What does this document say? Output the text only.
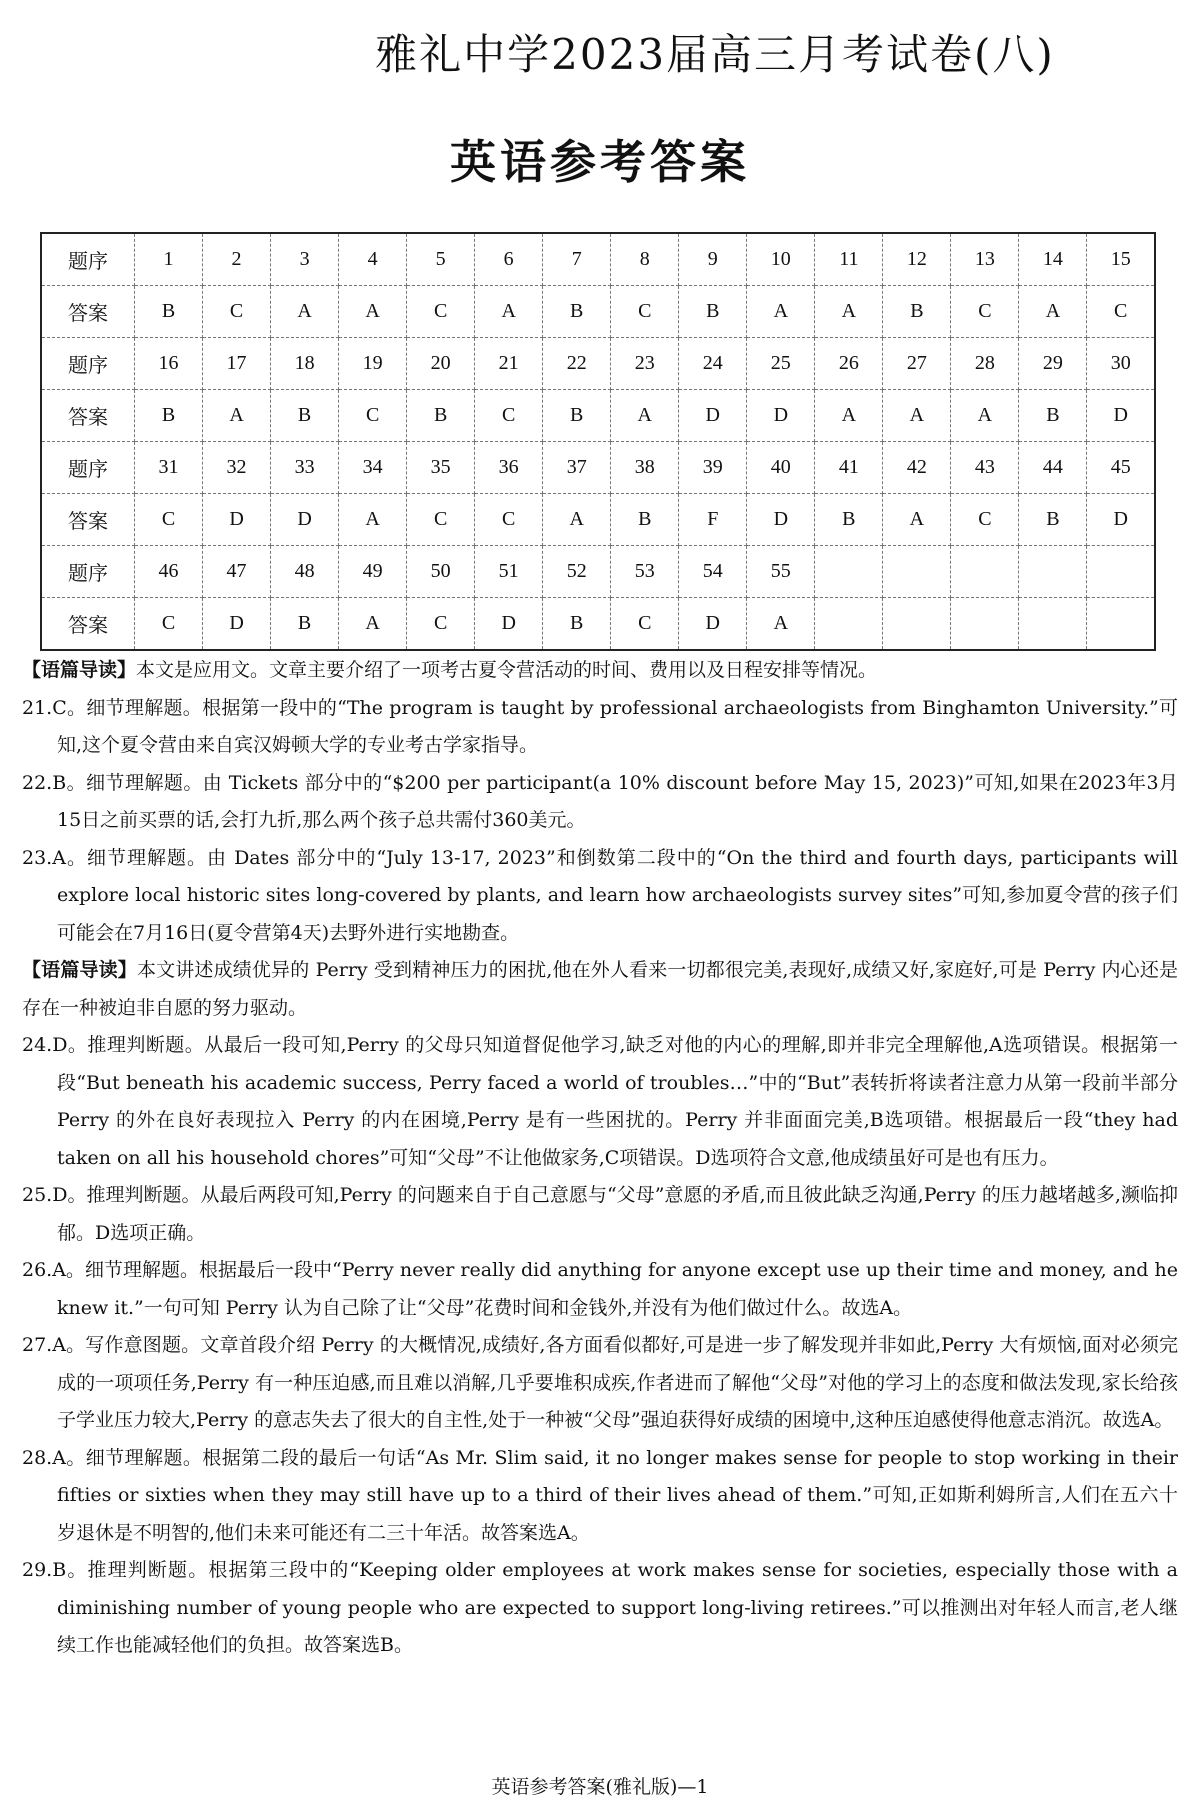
雅礼中学2023届高三月考试卷(八)
英语参考答案
题序	1	2	3	4	5	6	7	8	9	10	11	12	13	14	15
答案	B	C	A	A	C	A	B	C	B	A	A	B	C	A	C
题序	16	17	18	19	20	21	22	23	24	25	26	27	28	29	30
答案	B	A	B	C	B	C	B	A	D	D	A	A	A	B	D
题序	31	32	33	34	35	36	37	38	39	40	41	42	43	44	45
答案	C	D	D	A	C	C	A	B	F	D	B	A	C	B	D
题序	46	47	48	49	50	51	52	53	54	55					
答案	C	D	B	A	C	D	B	C	D	A					

【语篇导读】本文是应用文。文章主要介绍了一项考古夏令营活动的时间、费用以及日程安排等情况。

21.C。细节理解题。根据第一段中的“The program is taught by professional archaeologists from Binghamton University.”可知,这个夏令营由来自宾汉姆顿大学的专业考古学家指导。

22.B。细节理解题。由 Tickets 部分中的“$200 per participant(a 10% discount before May 15, 2023)”可知,如果在2023年3月15日之前买票的话,会打九折,那么两个孩子总共需付360美元。

23.A。细节理解题。由 Dates 部分中的“July 13-17, 2023”和倒数第二段中的“On the third and fourth days, participants will explore local historic sites long-covered by plants, and learn how archaeologists survey sites”可知,参加夏令营的孩子们可能会在7月16日(夏令营第4天)去野外进行实地勘查。

【语篇导读】本文讲述成绩优异的 Perry 受到精神压力的困扰,他在外人看来一切都很完美,表现好,成绩又好,家庭好,可是 Perry 内心还是存在一种被迫非自愿的努力驱动。

24.D。推理判断题。从最后一段可知,Perry 的父母只知道督促他学习,缺乏对他的内心的理解,即并非完全理解他,A选项错误。根据第一段“But beneath his academic success, Perry faced a world of troubles…”中的“But”表转折将读者注意力从第一段前半部分 Perry 的外在良好表现拉入 Perry 的内在困境,Perry 是有一些困扰的。Perry 并非面面完美,B选项错。根据最后一段“they had taken on all his household chores”可知“父母”不让他做家务,C项错误。D选项符合文意,他成绩虽好可是也有压力。

25.D。推理判断题。从最后两段可知,Perry 的问题来自于自己意愿与“父母”意愿的矛盾,而且彼此缺乏沟通,Perry 的压力越堵越多,濒临抑郁。D选项正确。

26.A。细节理解题。根据最后一段中“Perry never really did anything for anyone except use up their time and money, and he knew it.”一句可知 Perry 认为自己除了让“父母”花费时间和金钱外,并没有为他们做过什么。故选A。

27.A。写作意图题。文章首段介绍 Perry 的大概情况,成绩好,各方面看似都好,可是进一步了解发现并非如此,Perry 大有烦恼,面对必须完成的一项项任务,Perry 有一种压迫感,而且难以消解,几乎要堆积成疾,作者进而了解他“父母”对他的学习上的态度和做法发现,家长给孩子学业压力较大,Perry 的意志失去了很大的自主性,处于一种被“父母”强迫获得好成绩的困境中,这种压迫感使得他意志消沉。故选A。

28.A。细节理解题。根据第二段的最后一句话“As Mr. Slim said, it no longer makes sense for people to stop working in their fifties or sixties when they may still have up to a third of their lives ahead of them.”可知,正如斯利姆所言,人们在五六十岁退休是不明智的,他们未来可能还有二三十年活。故答案选A。

29.B。推理判断题。根据第三段中的“Keeping older employees at work makes sense for societies, especially those with a diminishing number of young people who are expected to support long-living retirees.”可以推测出对年轻人而言,老人继续工作也能减轻他们的负担。故答案选B。

英语参考答案(雅礼版)—1
